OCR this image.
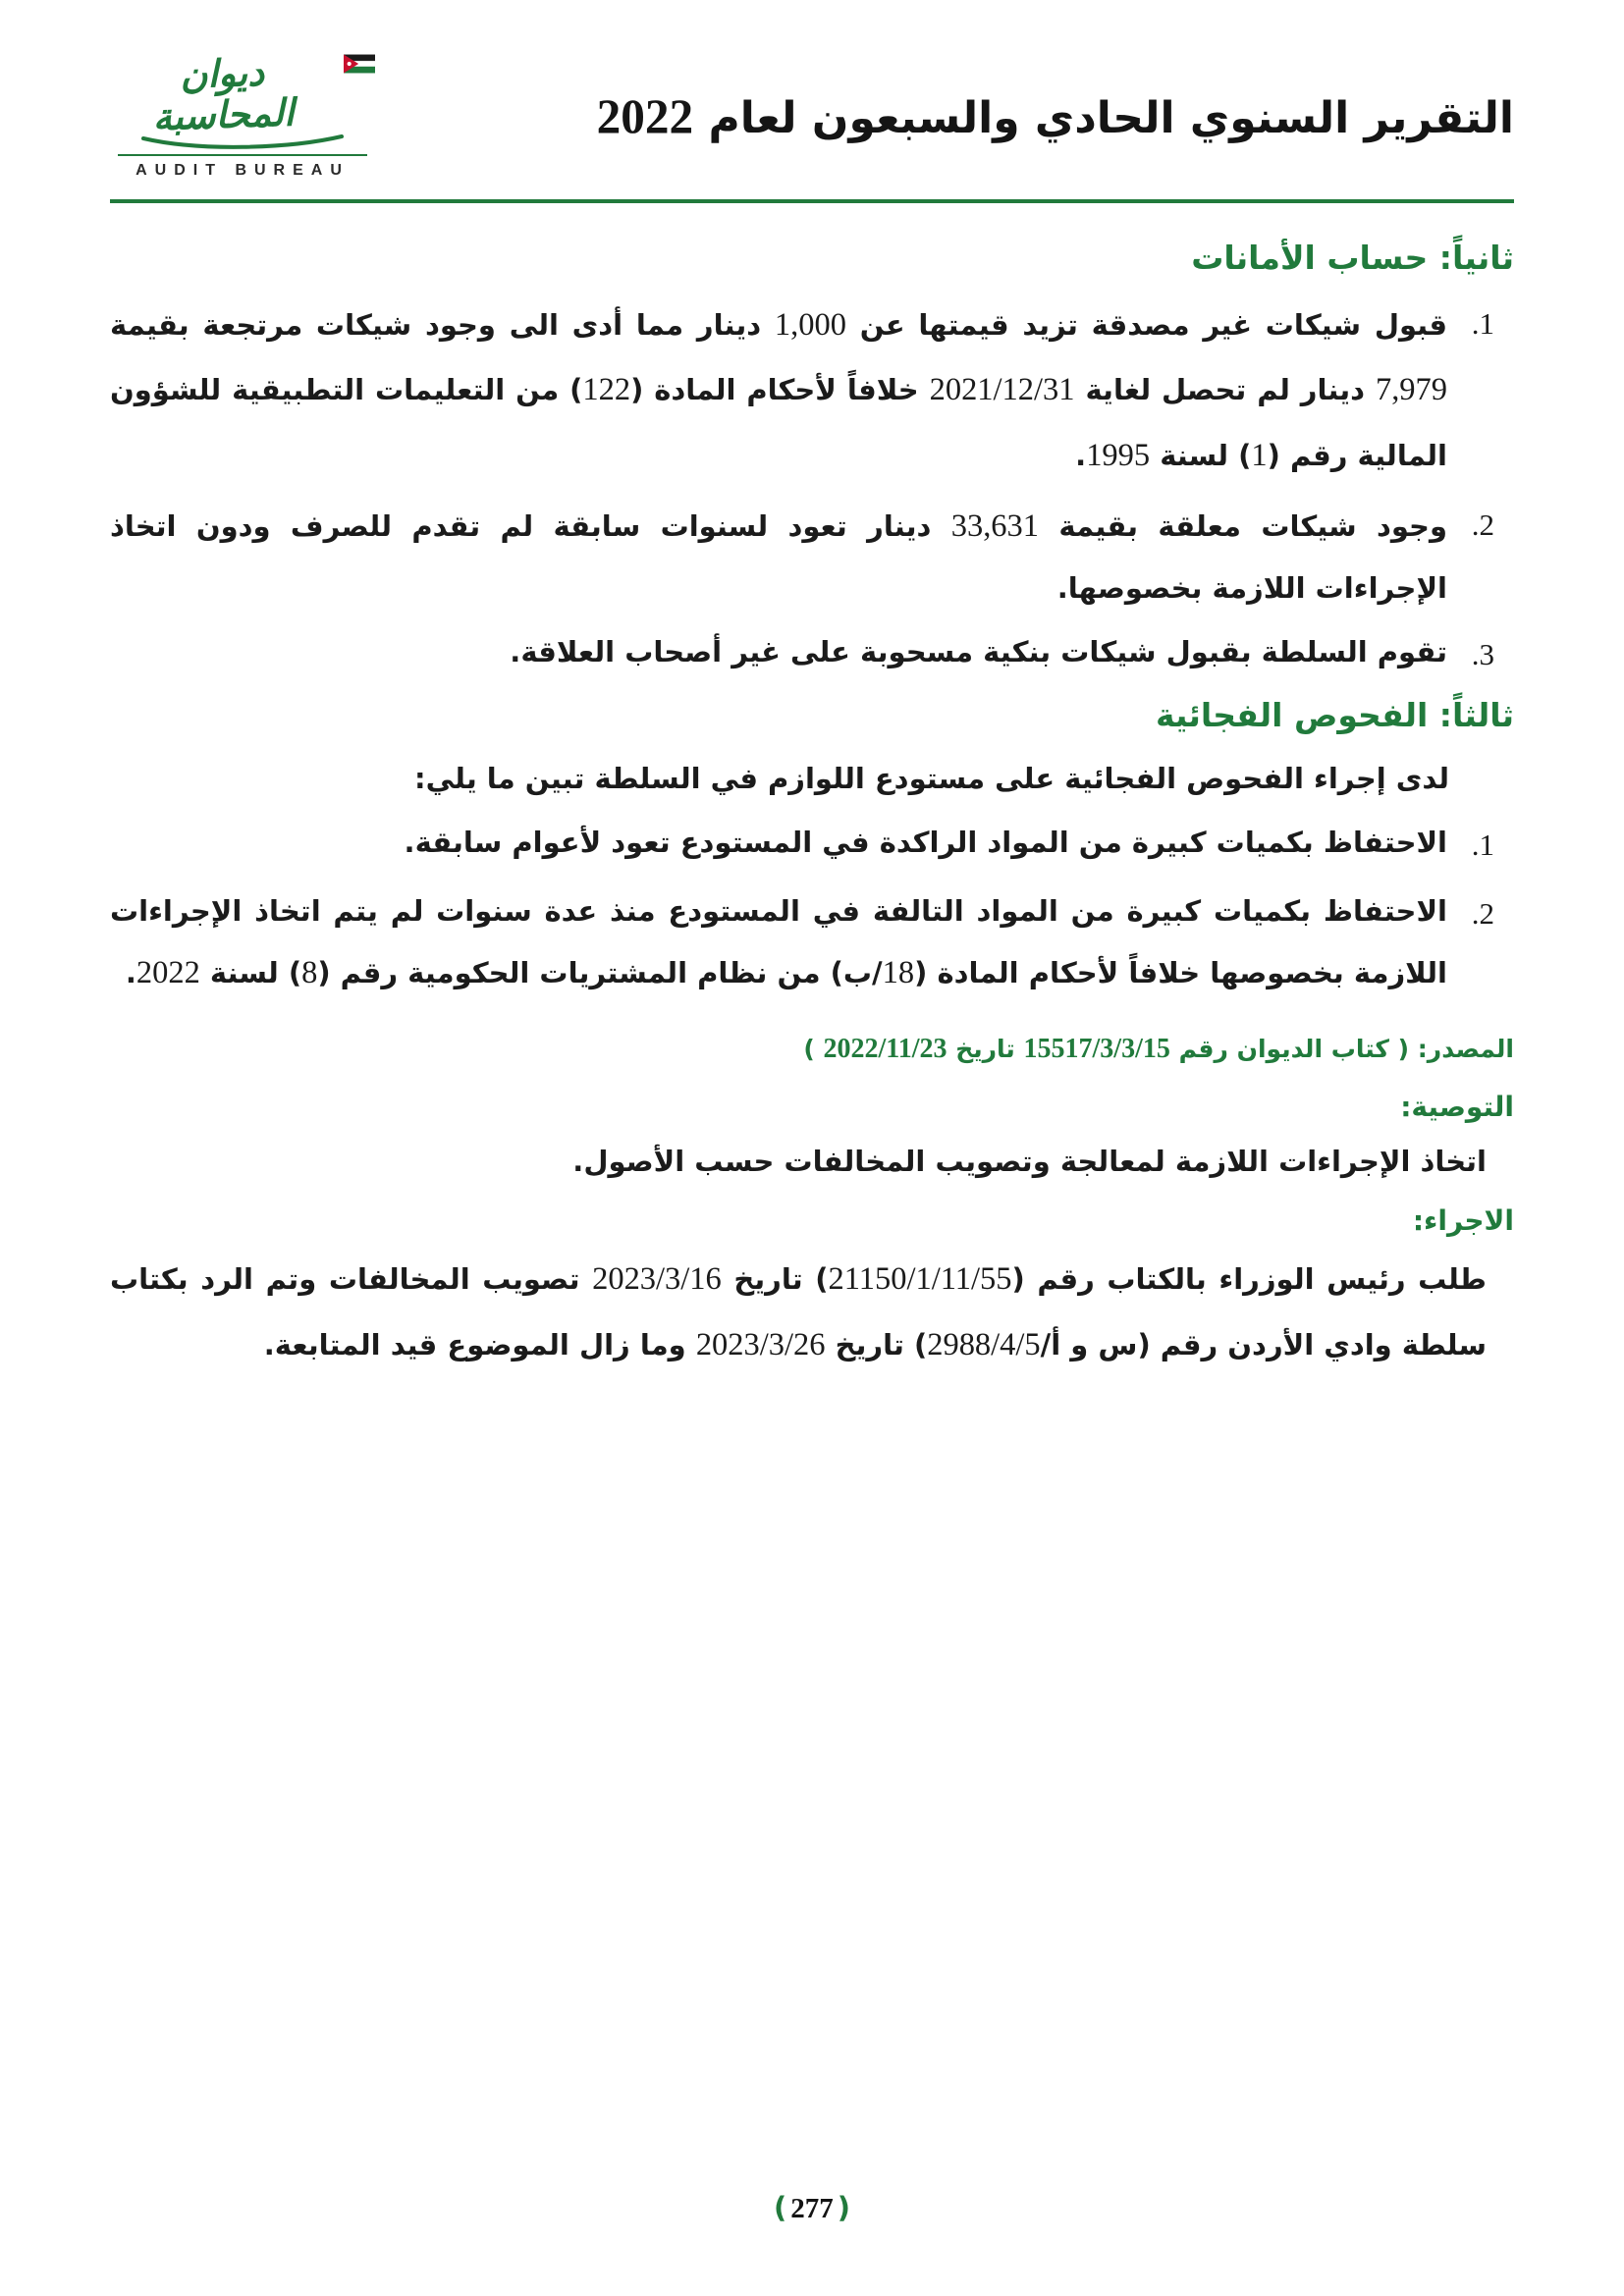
ديوان المحاسبة
AUDIT BUREAU
التقرير السنوي الحادي والسبعون لعام 2022
ثانياً: حساب الأمانات
1.

قبول شيكات غير مصدقة تزيد قيمتها عن 1,000 دينار مما أدى الى وجود شيكات مرتجعة بقيمة 7,979 دينار لم تحصل لغاية 2021/12/31 خلافاً لأحكام المادة (122) من التعليمات التطبيقية للشؤون المالية رقم (1) لسنة 1995.

2.

وجود شيكات معلقة بقيمة 33,631 دينار تعود لسنوات سابقة لم تقدم للصرف ودون اتخاذ الإجراءات اللازمة بخصوصها.

3.

تقوم السلطة بقبول شيكات بنكية مسحوبة على غير أصحاب العلاقة.

ثالثاً: الفحوص الفجائية

لدى إجراء الفحوص الفجائية على مستودع اللوازم في السلطة تبين ما يلي:

1.

الاحتفاظ بكميات كبيرة من المواد الراكدة في المستودع تعود لأعوام سابقة.

2.

الاحتفاظ بكميات كبيرة من المواد التالفة في المستودع منذ عدة سنوات لم يتم اتخاذ الإجراءات اللازمة بخصوصها خلافاً لأحكام المادة (18/ب) من نظام المشتريات الحكومية رقم (8) لسنة 2022.

المصدر: ( كتاب الديوان رقم 15517/3/3/15 تاريخ 2022/11/23 )

التوصية:

اتخاذ الإجراءات اللازمة لمعالجة وتصويب المخالفات حسب الأصول.

الاجراء:

طلب رئيس الوزراء بالكتاب رقم (21150/1/11/55) تاريخ 2023/3/16 تصويب المخالفات وتم الرد بكتاب سلطة وادي الأردن رقم (س و أ/2988/4/5) تاريخ 2023/3/26 وما زال الموضوع قيد المتابعة.

(277)
